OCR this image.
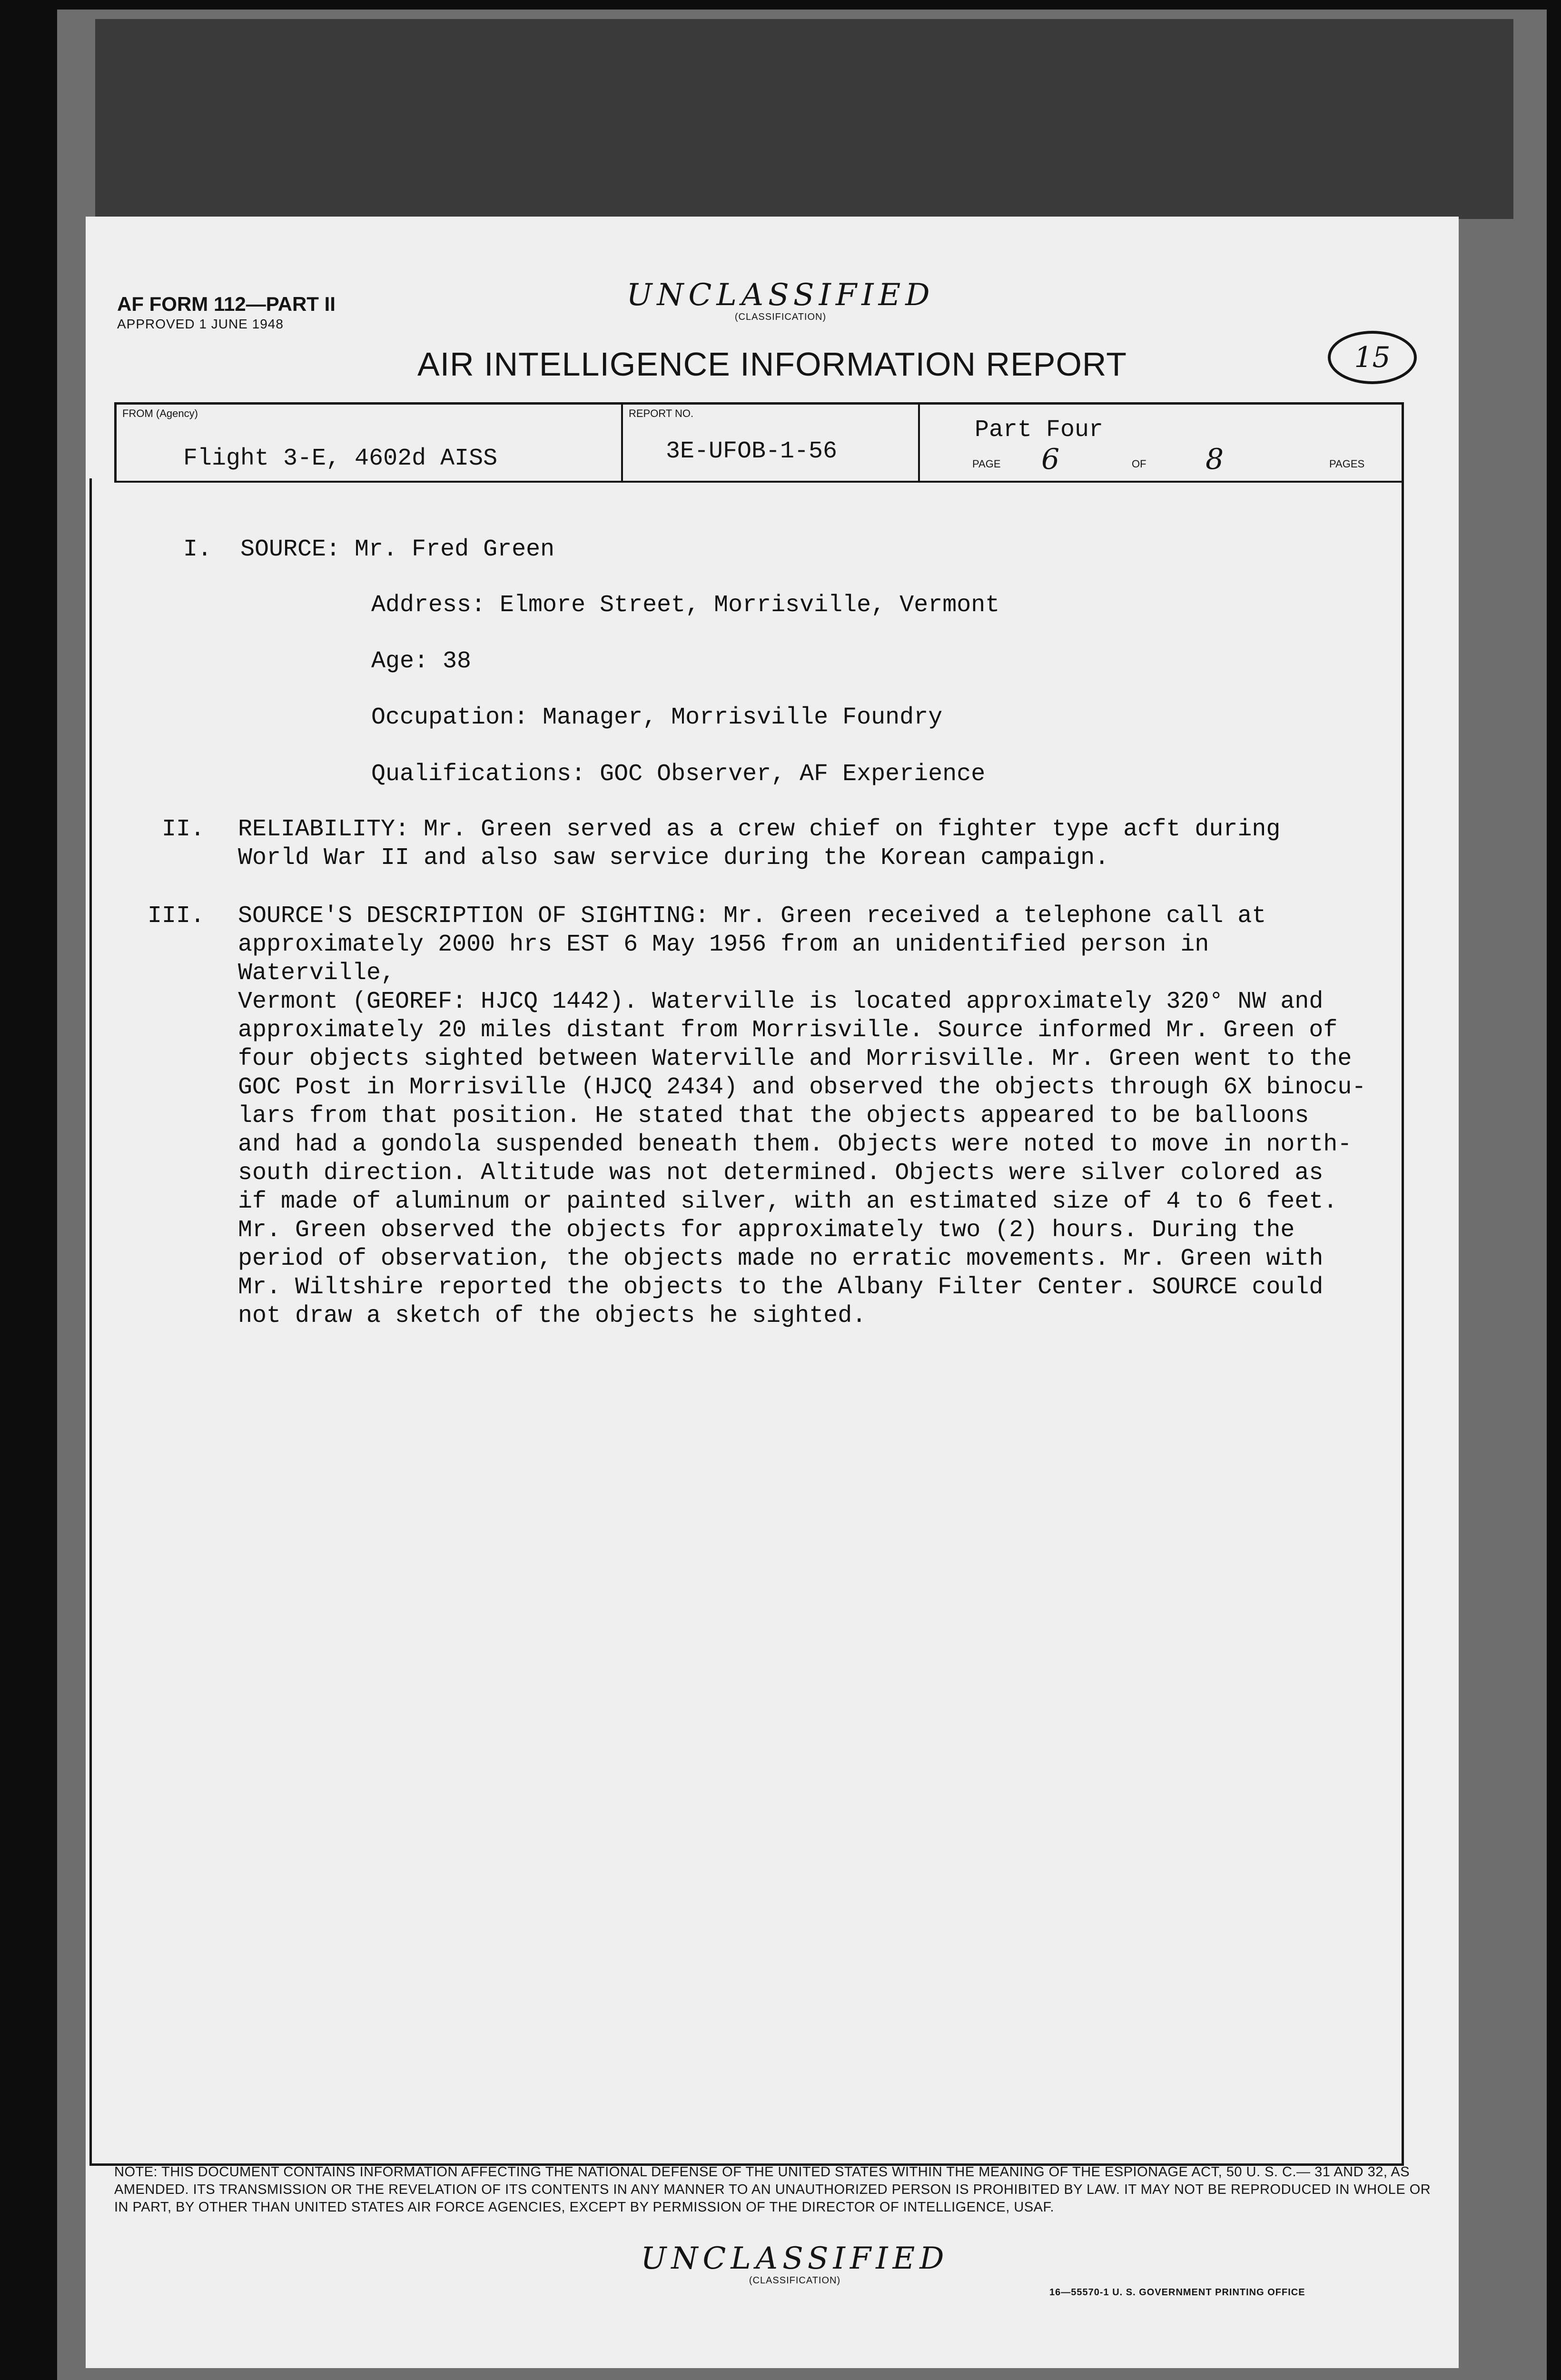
AF FORM 112—PART II
APPROVED 1 JUNE 1948
UNCLASSIFIED
(CLASSIFICATION)
AIR INTELLIGENCE INFORMATION REPORT	15
FROM (Agency)
Flight 3-E, 4602d AISS
REPORT NO.
3E-UFOB-1-56
Part Four
PAGE 6	OF 8	PAGES
I. SOURCE: Mr. Fred Green
Address: Elmore Street, Morrisville, Vermont
Age: 38
Occupation: Manager, Morrisville Foundry
Qualifications: GOC Observer, AF Experience
II.	RELIABILITY: Mr. Green served as a crew chief on fighter type acft during
World War II and also saw service during the Korean campaign.
III.	SOURCE'S DESCRIPTION OF SIGHTING: Mr. Green received a telephone call at
approximately 2000 hrs EST 6 May 1956 from an unidentified person in Waterville,
Vermont (GEOREF: HJCQ 1442). Waterville is located approximately 320° NW and
approximately 20 miles distant from Morrisville. Source informed Mr. Green of
four objects sighted between Waterville and Morrisville. Mr. Green went to the
GOC Post in Morrisville (HJCQ 2434) and observed the objects through 6X binocu-
lars from that position. He stated that the objects appeared to be balloons
and had a gondola suspended beneath them. Objects were noted to move in north-
south direction. Altitude was not determined. Objects were silver colored as
if made of aluminum or painted silver, with an estimated size of 4 to 6 feet.
Mr. Green observed the objects for approximately two (2) hours. During the
period of observation, the objects made no erratic movements. Mr. Green with
Mr. Wiltshire reported the objects to the Albany Filter Center. SOURCE could
not draw a sketch of the objects he sighted.
NOTE: THIS DOCUMENT CONTAINS INFORMATION AFFECTING THE NATIONAL DEFENSE OF THE UNITED STATES WITHIN THE MEANING OF THE ESPIONAGE ACT, 50 U. S. C.— 31 AND 32, AS AMENDED. ITS TRANSMISSION OR THE REVELATION OF ITS CONTENTS IN ANY MANNER TO AN UNAUTHORIZED PERSON IS PROHIBITED BY LAW. IT MAY NOT BE REPRODUCED IN WHOLE OR IN PART, BY OTHER THAN UNITED STATES AIR FORCE AGENCIES, EXCEPT BY PERMISSION OF THE DIRECTOR OF INTELLIGENCE, USAF.
UNCLASSIFIED
(CLASSIFICATION)
16—55570-1 U. S. GOVERNMENT PRINTING OFFICE
